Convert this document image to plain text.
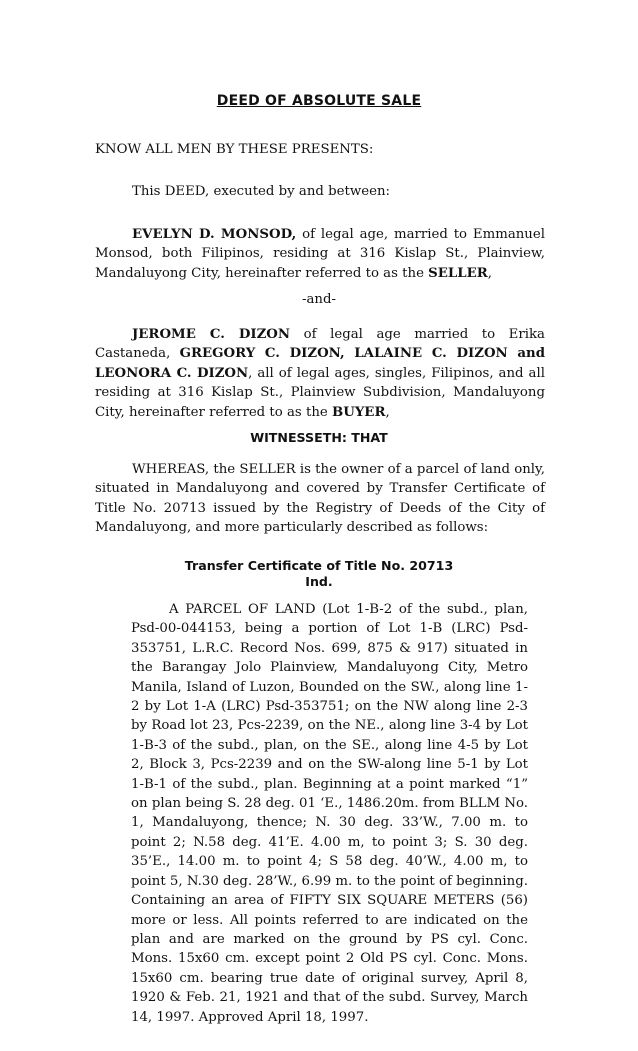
DEED OF ABSOLUTE SALE

KNOW ALL MEN BY THESE PRESENTS:

This DEED, executed by and between:

EVELYN D. MONSOD, of legal age, married to Emmanuel Monsod, both Filipinos, residing at 316 Kislap St., Plainview, Mandaluyong City, hereinafter referred to as the SELLER,

-and-

JEROME C. DIZON of legal age married to Erika Castaneda, GREGORY C. DIZON, LALAINE C. DIZON and LEONORA C. DIZON, all of legal ages, singles, Filipinos, and all residing at 316 Kislap St., Plainview Subdivision, Mandaluyong City, hereinafter referred to as the BUYER,

WITNESSETH: THAT

WHEREAS, the SELLER is the owner of a parcel of land only, situated in Mandaluyong and covered by Transfer Certificate of Title No. 20713 issued by the Registry of Deeds of the City of Mandaluyong, and more particularly described as follows:

Transfer Certificate of Title No. 20713

Ind.

A PARCEL OF LAND (Lot 1-B-2 of the subd., plan, Psd-00-044153, being a portion of Lot 1-B (LRC) Psd-353751, L.R.C. Record Nos. 699, 875 & 917) situated in the Barangay Jolo Plainview, Mandaluyong City, Metro Manila, Island of Luzon, Bounded on the SW., along line 1-2 by Lot 1-A (LRC) Psd-353751; on the NW along line 2-3 by Road lot 23, Pcs-2239, on the NE., along line 3-4 by Lot 1-B-3 of the subd., plan, on the SE., along line 4-5 by Lot 2, Block 3, Pcs-2239 and on the SW-along line 5-1 by Lot 1-B-1 of the subd., plan. Beginning at a point marked “1” on plan being S. 28 deg. 01 ‘E., 1486.20m. from BLLM No. 1, Mandaluyong, thence; N. 30 deg. 33’W., 7.00 m. to point 2; N.58 deg. 41’E. 4.00 m, to point 3; S. 30 deg. 35’E., 14.00 m. to point 4; S 58 deg. 40’W., 4.00 m, to point 5, N.30 deg. 28’W., 6.99 m. to the point of beginning. Containing an area of FIFTY SIX SQUARE METERS (56) more or less. All points referred to are indicated on the plan and are marked on the ground by PS cyl. Conc. Mons. 15x60 cm. except point 2 Old PS cyl. Conc. Mons. 15x60 cm. bearing true date of original survey, April 8, 1920 & Feb. 21, 1921 and that of the subd. Survey, March 14, 1997. Approved April 18, 1997.
